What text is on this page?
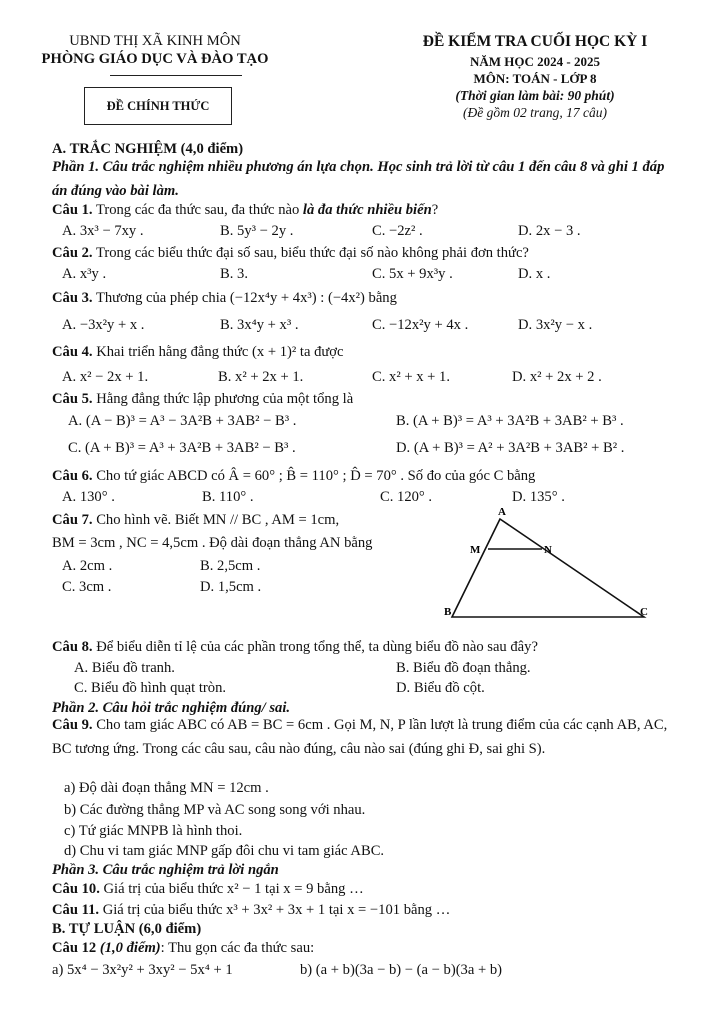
UBND THỊ XÃ KINH MÔN
PHÒNG GIÁO DỤC VÀ ĐÀO TẠO
ĐỀ CHÍNH THỨC
ĐỀ KIỂM TRA CUỐI HỌC KỲ I
NĂM HỌC 2024 - 2025
MÔN: TOÁN - LỚP 8
(Thời gian làm bài: 90 phút)
(Đề gồm 02 trang, 17 câu)
A. TRẮC NGHIỆM (4,0 điểm)
Phần 1. Câu trắc nghiệm nhiều phương án lựa chọn. Học sinh trả lời từ câu 1 đến câu 8 và ghi 1 đáp án đúng vào bài làm.
Câu 1. Trong các đa thức sau, đa thức nào là đa thức nhiều biến?
A. 3x³ − 7xy .	B. 5y³ − 2y .	C. −2z² .	D. 2x − 3 .
Câu 2. Trong các biểu thức đại số sau, biểu thức đại số nào không phải đơn thức?
A. x³y .	B. 3.	C. 5x + 9x³y .	D. x .
Câu 3. Thương của phép chia (−12x⁴y + 4x³) : (−4x²) bằng
A. −3x²y + x .	B. 3x⁴y + x³ .	C. −12x²y + 4x .	D. 3x²y − x .
Câu 4. Khai triển hằng đẳng thức (x + 1)² ta được
A. x² − 2x + 1.	B. x² + 2x + 1.	C. x² + x + 1.	D. x² + 2x + 2 .
Câu 5. Hằng đẳng thức lập phương của một tổng là
A. (A − B)³ = A³ − 3A²B + 3AB² − B³ .	B. (A + B)³ = A³ + 3A²B + 3AB² + B³ .
C. (A + B)³ = A³ + 3A²B + 3AB² − B³ .	D. (A + B)³ = A² + 3A²B + 3AB² + B² .
Câu 6. Cho tứ giác ABCD có Â = 60° ; B̂ = 110° ; D̂ = 70° . Số đo của góc C bằng
A. 130° .	B. 110° .	C. 120° .	D. 135° .
Câu 7. Cho hình vẽ. Biết MN // BC , AM = 1cm,
BM = 3cm , NC = 4,5cm . Độ dài đoạn thẳng AN bằng
A. 2cm .	B. 2,5cm .
C. 3cm .	D. 1,5cm .
A
M	N
B	C
Câu 8. Để biểu diễn tỉ lệ của các phần trong tổng thể, ta dùng biểu đồ nào sau đây?
A. Biểu đồ tranh.	B. Biểu đồ đoạn thẳng.
C. Biểu đồ hình quạt tròn.	D. Biểu đồ cột.
Phần 2. Câu hỏi trắc nghiệm đúng/ sai.
Câu 9. Cho tam giác ABC có AB = BC = 6cm . Gọi M, N, P lần lượt là trung điểm của các cạnh AB, AC, BC tương ứng. Trong các câu sau, câu nào đúng, câu nào sai (đúng ghi Đ, sai ghi S).
a) Độ dài đoạn thẳng MN = 12cm .
b) Các đường thẳng MP và AC song song với nhau.
c) Tứ giác MNPB là hình thoi.
d) Chu vi tam giác MNP gấp đôi chu vi tam giác ABC.
Phần 3. Câu trắc nghiệm trả lời ngắn
Câu 10. Giá trị của biểu thức x² − 1 tại x = 9 bằng …
Câu 11. Giá trị của biểu thức x³ + 3x² + 3x + 1 tại x = −101 bằng …
B. TỰ LUẬN (6,0 điểm)
Câu 12 (1,0 điểm): Thu gọn các đa thức sau:
a) 5x⁴ − 3x²y² + 3xy² − 5x⁴ + 1	b) (a + b)(3a − b) − (a − b)(3a + b)
